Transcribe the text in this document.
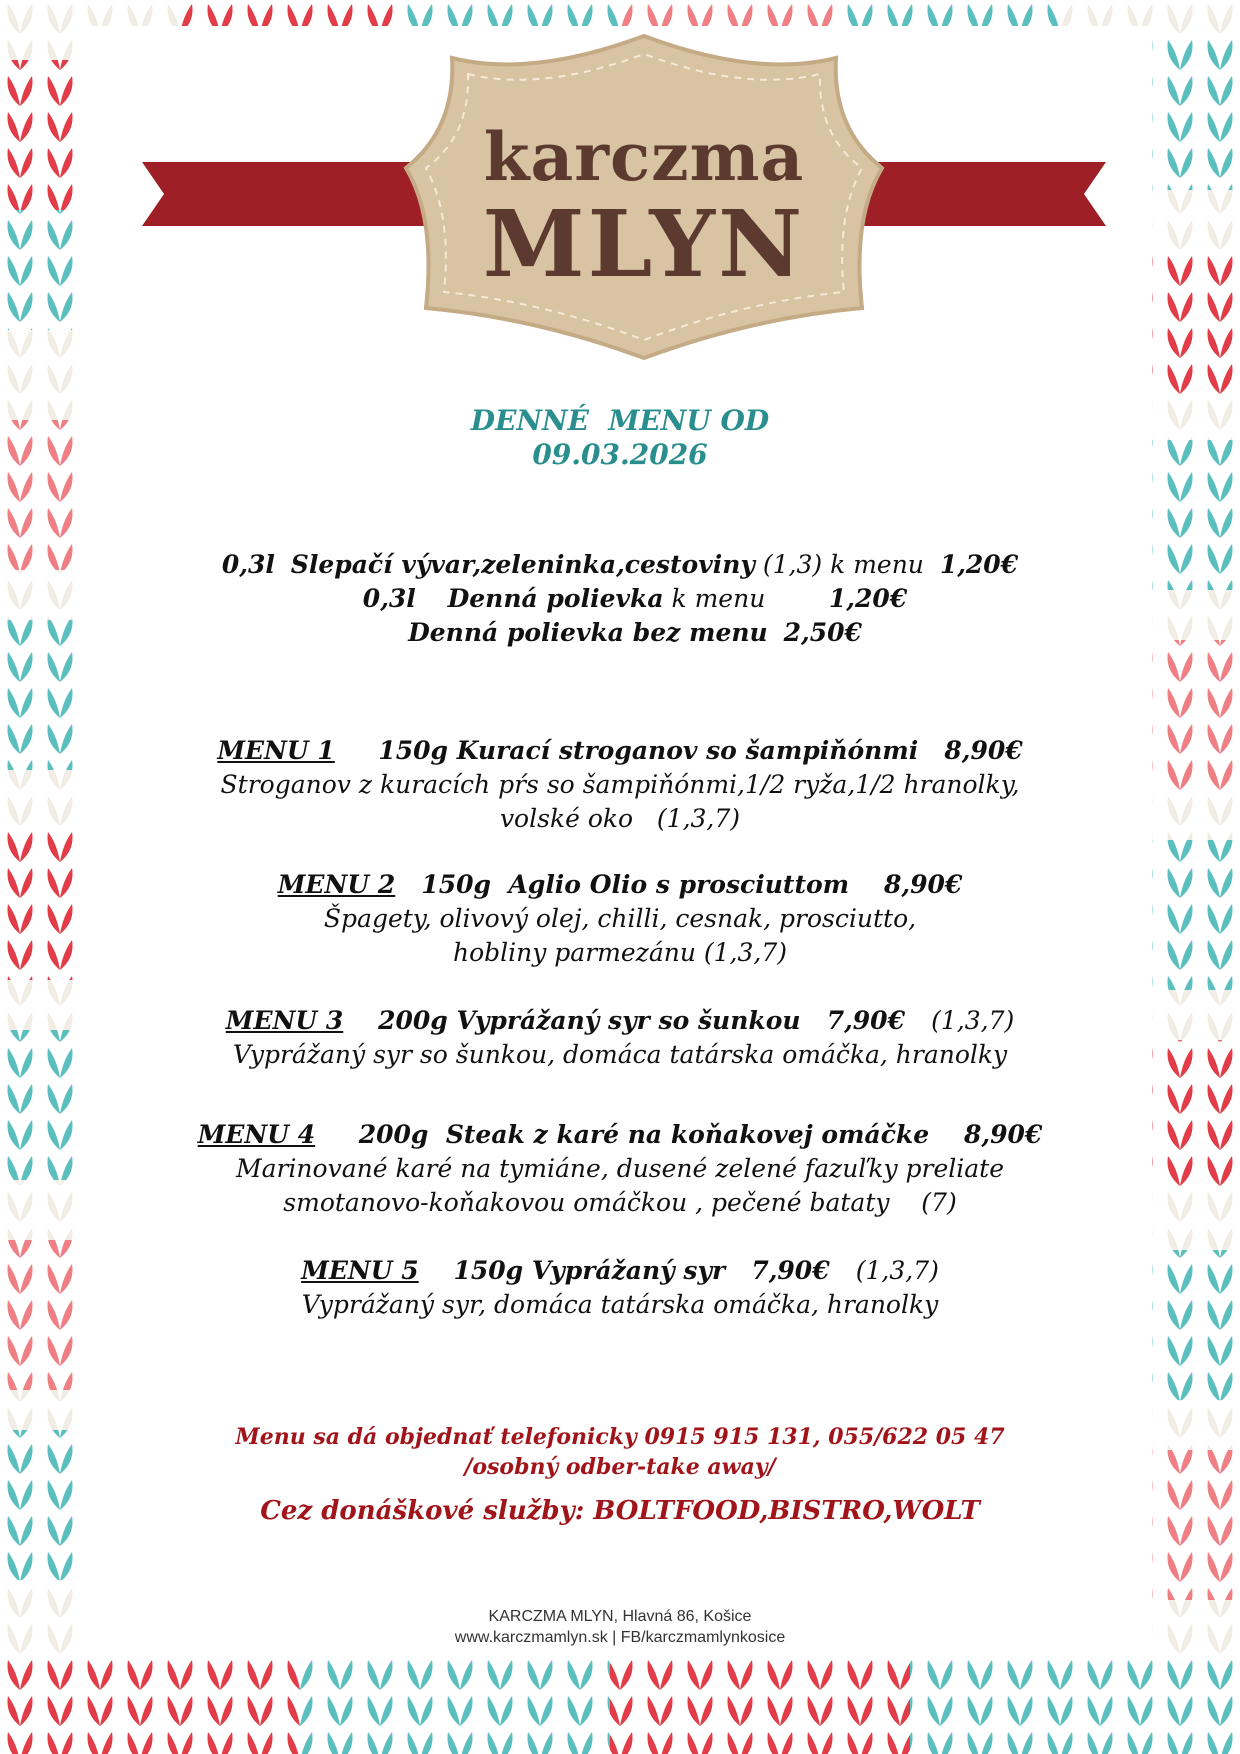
karczma
MLYN
DENNÉ  MENU OD
09.03.2026
0,3l Slepačí vývar,zeleninka,cestoviny (1,3) k menu 1,20€
0,3l Denná polievka k menu	1,20€
Denná polievka bez menu 2,50€
MENU 1 150g Kurací stroganov so šampiňónmi 8,90€
Stroganov z kuracích pŕs so šampiňónmi,1/2 ryža,1/2 hranolky,
volské oko   (1,3,7)
MENU 2 150g Aglio Olio s prosciuttom 8,90€
Špagety, olivový olej, chilli, cesnak, prosciutto,
hobliny parmezánu (1,3,7)
MENU 3 200g Vyprážaný syr so šunkou 7,90€ (1,3,7)
Vyprážaný syr so šunkou, domáca tatárska omáčka, hranolky
MENU 4 200g Steak z karé na koňakovej omáčke 8,90€
Marinované karé na tymiáne, dusené zelené fazuľky preliate
smotanovo-koňakovou omáčkou , pečené bataty    (7)
MENU 5 150g Vyprážaný syr 7,90€ (1,3,7)
Vyprážaný syr, domáca tatárska omáčka, hranolky
Menu sa dá objednať telefonicky 0915 915 131, 055/622 05 47
/osobný odber-take away/
Cez donáškové služby: BOLTFOOD,BISTRO,WOLT
KARCZMA MLYN, Hlavná 86, Košice
www.karczmamlyn.sk | FB/karczmamlynkosice
